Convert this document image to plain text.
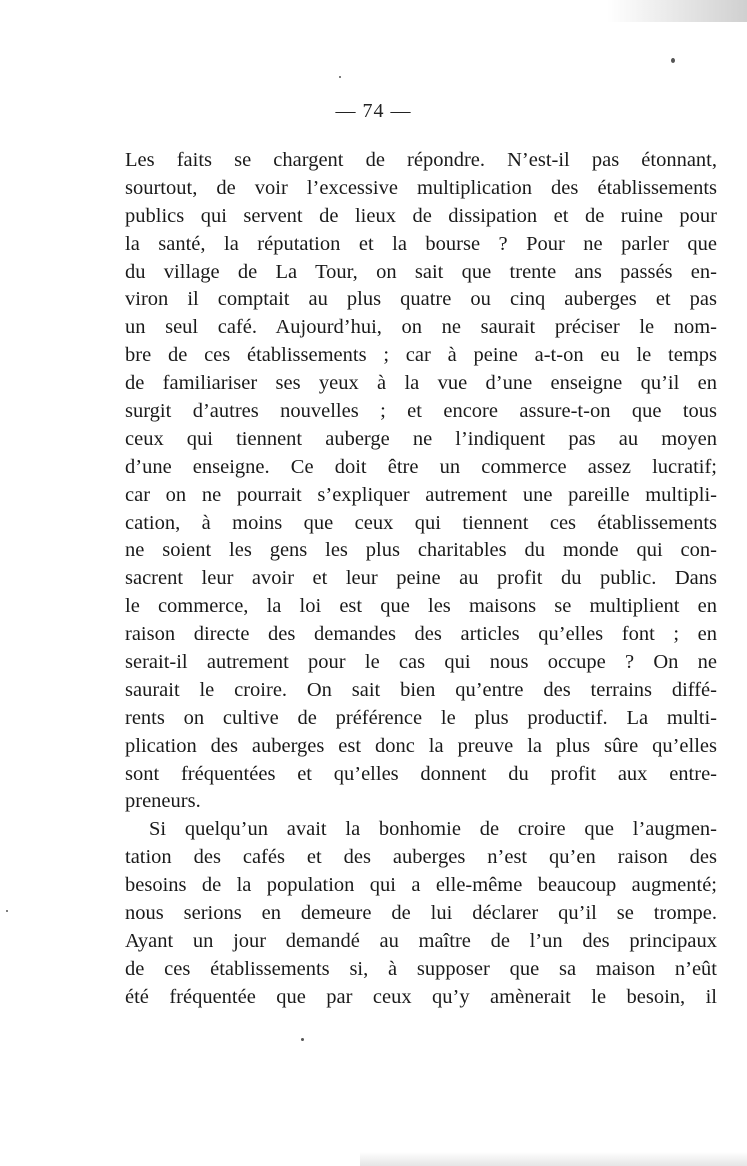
— 74 —
Les faits se chargent de répondre. N’est-il pas étonnant,
sourtout, de voir l’excessive multiplication des établissements
publics qui servent de lieux de dissipation et de ruine pour
la santé, la réputation et la bourse ? Pour ne parler que
du village de La Tour, on sait que trente ans passés en-
viron il comptait au plus quatre ou cinq auberges et pas
un seul café. Aujourd’hui, on ne saurait préciser le nom-
bre de ces établissements ; car à peine a-t-on eu le temps
de familiariser ses yeux à la vue d’une enseigne qu’il en
surgit d’autres nouvelles ; et encore assure-t-on que tous
ceux qui tiennent auberge ne l’indiquent pas au moyen
d’une enseigne. Ce doit être un commerce assez lucratif;
car on ne pourrait s’expliquer autrement une pareille multipli-
cation, à moins que ceux qui tiennent ces établissements
ne soient les gens les plus charitables du monde qui con-
sacrent leur avoir et leur peine au profit du public. Dans
le commerce, la loi est que les maisons se multiplient en
raison directe des demandes des articles qu’elles font ; en
serait-il autrement pour le cas qui nous occupe ? On ne
saurait le croire. On sait bien qu’entre des terrains diffé-
rents on cultive de préférence le plus productif. La multi-
plication des auberges est donc la preuve la plus sûre qu’elles
sont fréquentées et qu’elles donnent du profit aux entre-
preneurs.
Si quelqu’un avait la bonhomie de croire que l’augmen-
tation des cafés et des auberges n’est qu’en raison des
besoins de la population qui a elle-même beaucoup augmenté;
nous serions en demeure de lui déclarer qu’il se trompe.
Ayant un jour demandé au maître de l’un des principaux
de ces établissements si, à supposer que sa maison n’eût
été fréquentée que par ceux qu’y amènerait le besoin, il
